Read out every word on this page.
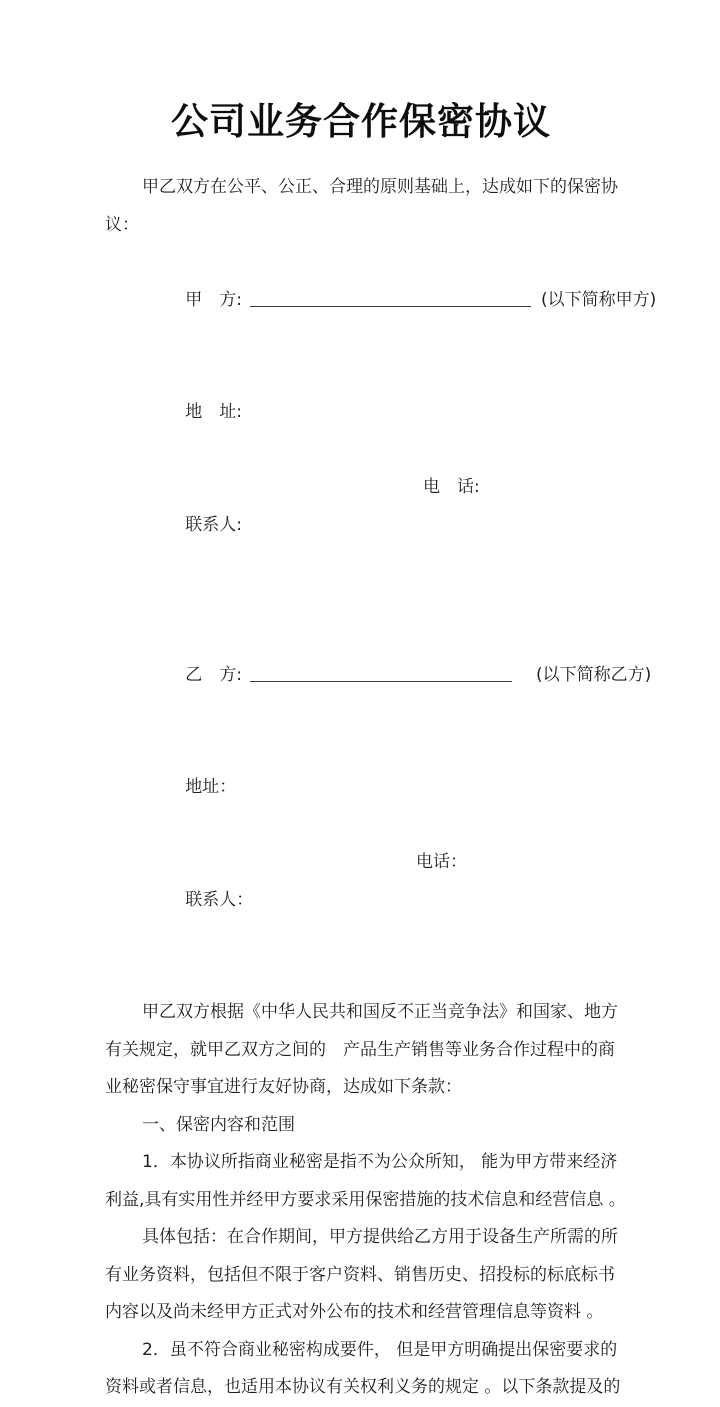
公司业务合作保密协议
甲乙双方在公平、公正、合理的原则基础上，达成如下的保密协
议：

甲　方:	(以下简称甲方)

地　址:

联系人:

电　话:

乙　方:	(以下简称乙方)

地址：

联系人：

电话：

甲乙双方根据《中华人民共和国反不正当竞争法》和国家、地方
有关规定，就甲乙双方之间的　产品生产销售等业务合作过程中的商
业秘密保守事宜进行友好协商，达成如下条款：
一、保密内容和范围
1．本协议所指商业秘密是指不为公众所知， 能为甲方带来经济
利益,具有实用性并经甲方要求采用保密措施的技术信息和经营信息 。
具体包括：在合作期间，甲方提供给乙方用于设备生产所需的所
有业务资料，包括但不限于客户资料、销售历史、招投标的标底标书
内容以及尚未经甲方正式对外公布的技术和经营管理信息等资料 。
2．虽不符合商业秘密构成要件， 但是甲方明确提出保密要求的
资料或者信息，也适用本协议有关权利义务的规定 。以下条款提及的
